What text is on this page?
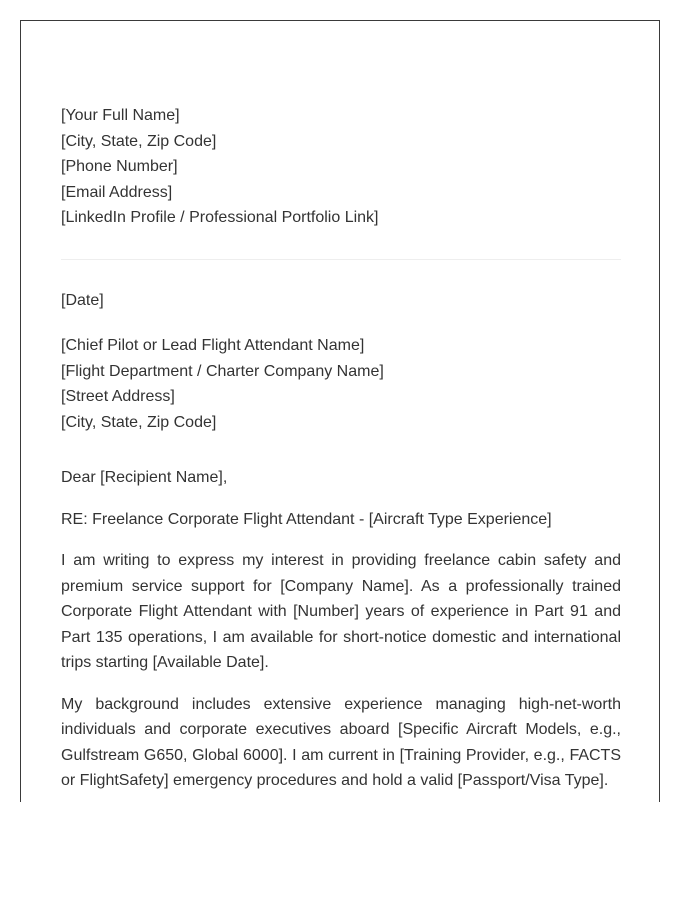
[Your Full Name]
[City, State, Zip Code]
[Phone Number]
[Email Address]
[LinkedIn Profile / Professional Portfolio Link]
[Date]
[Chief Pilot or Lead Flight Attendant Name]
[Flight Department / Charter Company Name]
[Street Address]
[City, State, Zip Code]
Dear [Recipient Name],
RE: Freelance Corporate Flight Attendant - [Aircraft Type Experience]
I am writing to express my interest in providing freelance cabin safety and premium service support for [Company Name]. As a professionally trained Corporate Flight Attendant with [Number] years of experience in Part 91 and Part 135 operations, I am available for short-notice domestic and international trips starting [Available Date].
My background includes extensive experience managing high-net-worth individuals and corporate executives aboard [Specific Aircraft Models, e.g., Gulfstream G650, Global 6000]. I am current in [Training Provider, e.g., FACTS or FlightSafety] emergency procedures and hold a valid [Passport/Visa Type].
